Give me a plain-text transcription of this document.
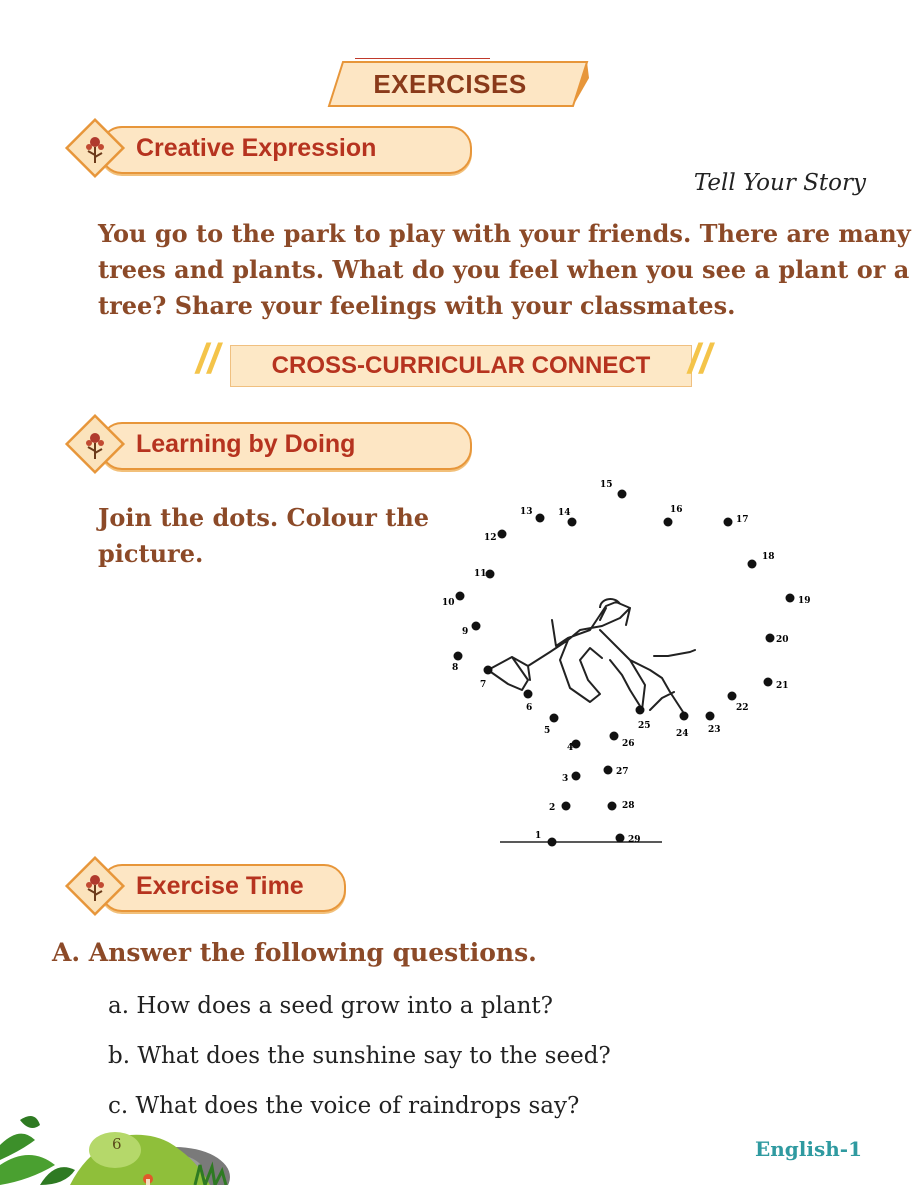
EXERCISES
Creative Expression
Tell Your Story
You go to the park to play with your friends. There are many
trees and plants. What do you feel when you see a plant or a
tree? Share your feelings with your classmates.
//	CROSS-CURRICULAR CONNECT //
Learning by Doing
Join the dots. Colour the
picture.
1
2
3
4
5
6
7
8
9
10
11
12
13	14
15
16
17
18
19
20
21
22
23
24
25
26
27
28
29
Exercise Time
A. Answer the following questions.
a. How does a seed grow into a plant?
b. What does the sunshine say to the seed?
c. What does the voice of raindrops say?
6	English-1
